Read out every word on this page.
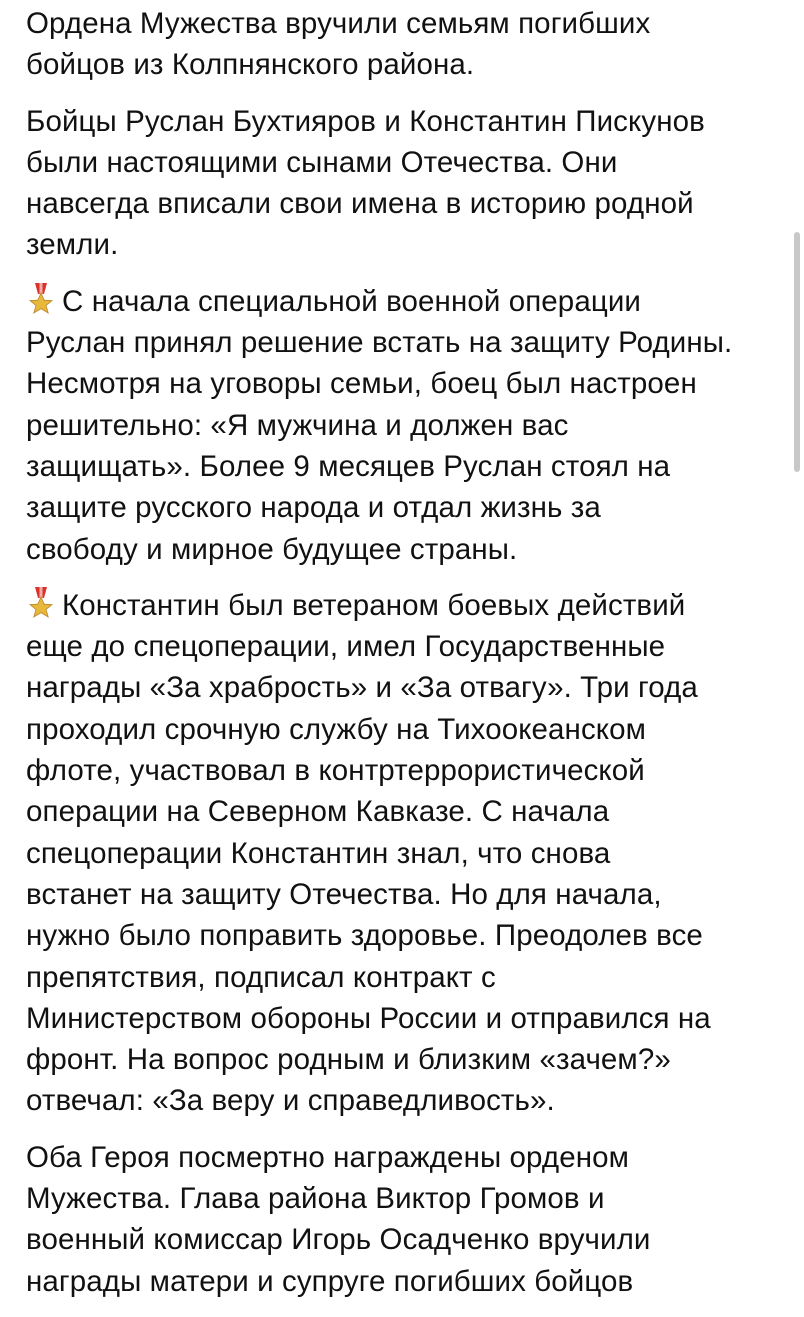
Ордена Мужества вручили семьям погибших
бойцов из Колпнянского района.
Бойцы Руслан Бухтияров и Константин Пискунов
были настоящими сынами Отечества. Они
навсегда вписали свои имена в историю родной
земли.
С начала специальной военной операции
Руслан принял решение встать на защиту Родины.
Несмотря на уговоры семьи, боец был настроен
решительно: «Я мужчина и должен вас
защищать». Более 9 месяцев Руслан стоял на
защите русского народа и отдал жизнь за
свободу и мирное будущее страны.
Константин был ветераном боевых действий
еще до спецоперации, имел Государственные
награды «За храбрость» и «За отвагу». Три года
проходил срочную службу на Тихоокеанском
флоте, участвовал в контртеррористической
операции на Северном Кавказе. С начала
спецоперации Константин знал, что снова
встанет на защиту Отечества. Но для начала,
нужно было поправить здоровье. Преодолев все
препятствия, подписал контракт с
Министерством обороны России и отправился на
фронт. На вопрос родным и близким «зачем?»
отвечал: «За веру и справедливость».
Оба Героя посмертно награждены орденом
Мужества. Глава района Виктор Громов и
военный комиссар Игорь Осадченко вручили
награды матери и супруге погибших бойцов
